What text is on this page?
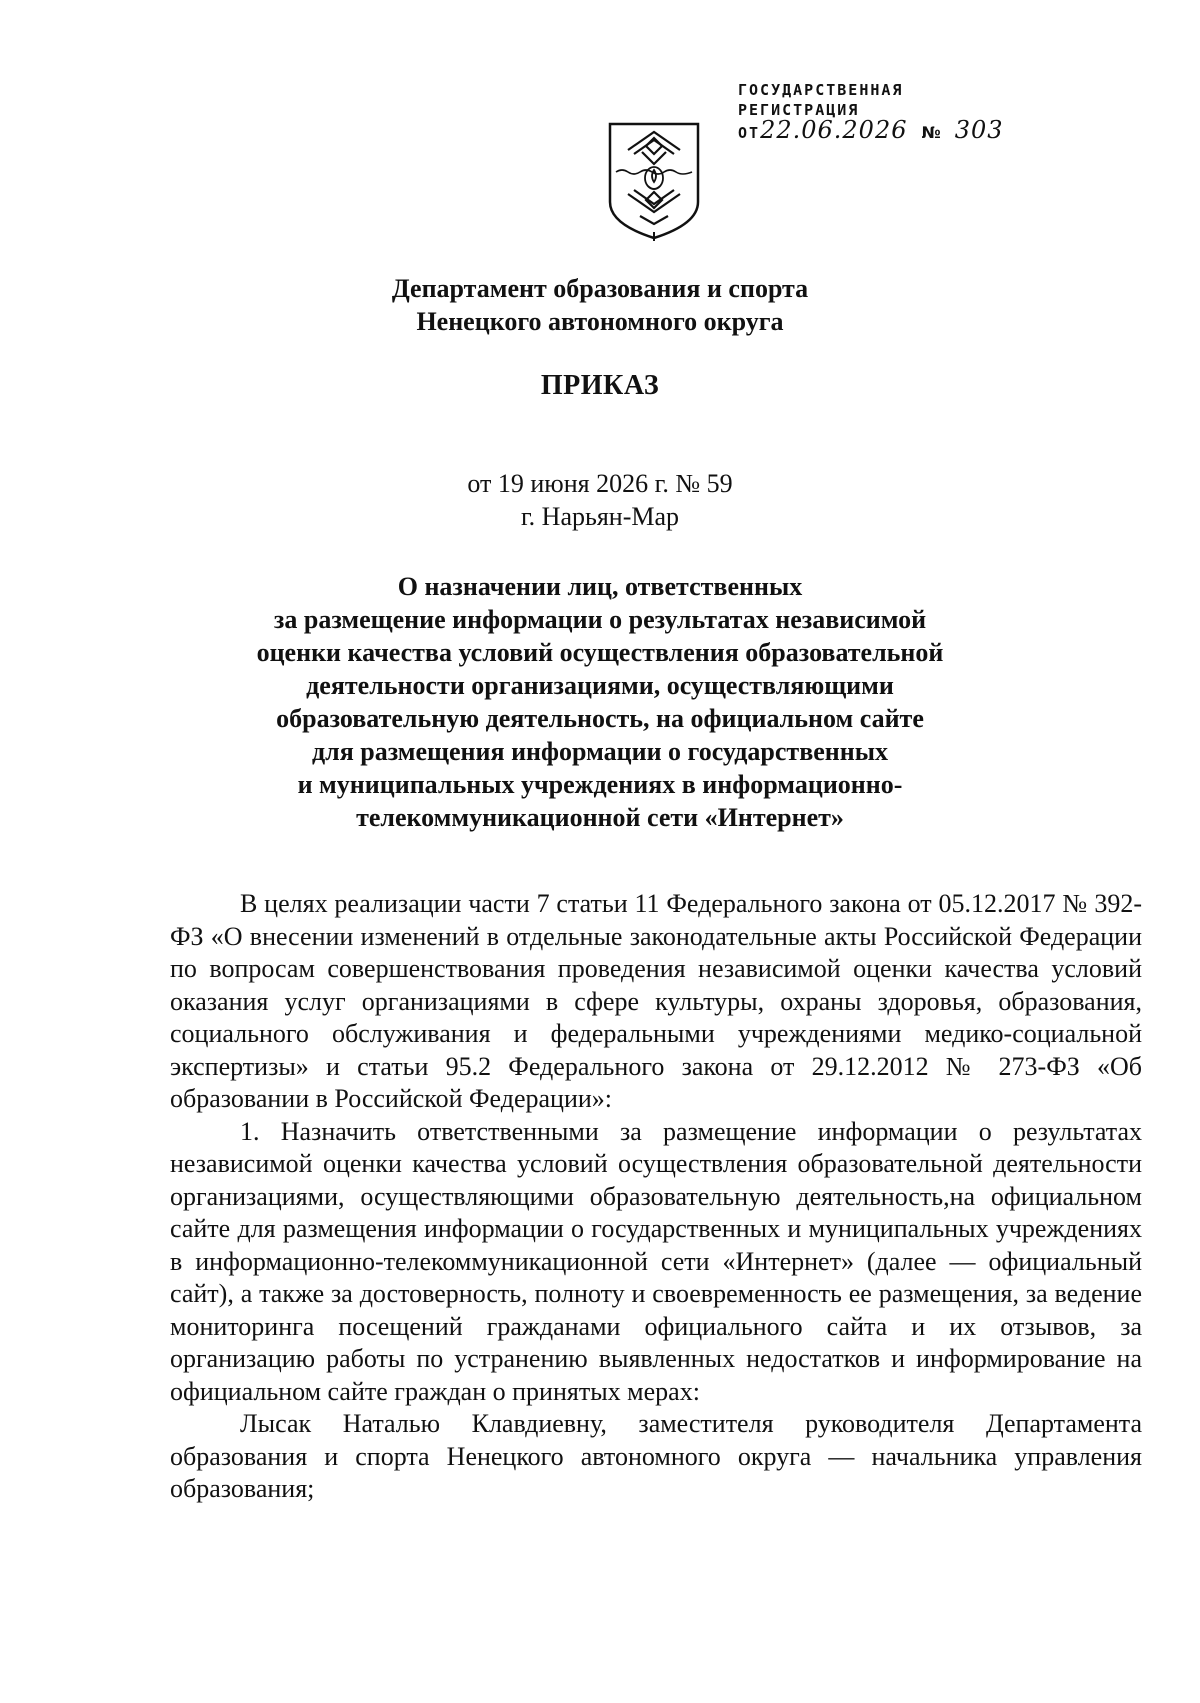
ГОСУДАРСТВЕННАЯ
РЕГИСТРАЦИЯ
ОТ 22.06.2026 № 303
Департамент образования и спорта
Ненецкого автономного округа
ПРИКАЗ
от 19 июня 2026 г. № 59
г. Нарьян-Мар
О назначении лиц, ответственных
за размещение информации о результатах независимой
оценки качества условий осуществления образовательной
деятельности организациями, осуществляющими
образовательную деятельность, на официальном сайте
для размещения информации о государственных
и муниципальных учреждениях в информационно-
телекоммуникационной сети «Интернет»

В целях реализации части 7 статьи 11 Федерального закона от 05.12.2017 № 392-ФЗ «О внесении изменений в отдельные законодательные акты Российской Федерации по вопросам совершенствования проведения независимой оценки качества условий оказания услуг организациями в сфере культуры, охраны здоровья, образования, социального обслуживания и федеральными учреждениями медико-социальной экспертизы» и статьи 95.2 Федерального закона от 29.12.2012 № 273-ФЗ «Об образовании в Российской Федерации»:

1. Назначить ответственными за размещение информации о результатах независимой оценки качества условий осуществления образовательной деятельности организациями, осуществляющими образовательную деятельность,на официальном сайте для размещения информации о государственных и муниципальных учреждениях в информационно-телекоммуникационной сети «Интернет» (далее — официальный сайт), а также за достоверность, полноту и своевременность ее размещения, за ведение мониторинга посещений гражданами официального сайта и их отзывов, за организацию работы по устранению выявленных недостатков и информирование на официальном сайте граждан о принятых мерах:

Лысак Наталью Клавдиевну, заместителя руководителя Департамента образования и спорта Ненецкого автономного округа — начальника управления образования;
